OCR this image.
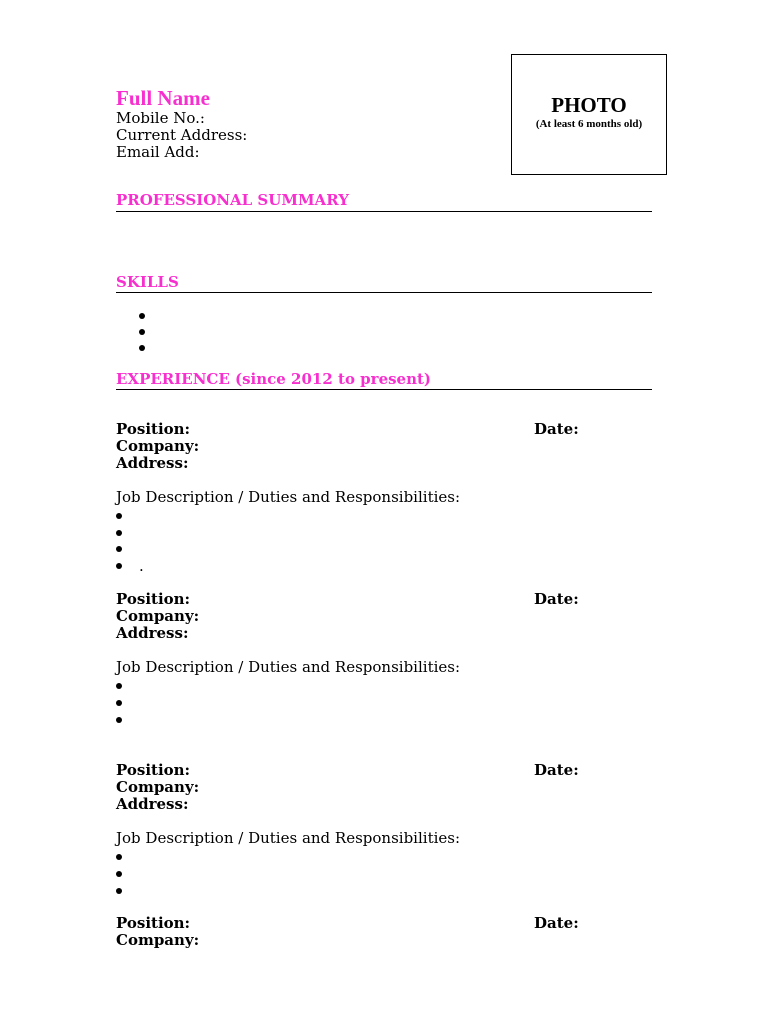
Full Name
Mobile No.:
Current Address:
Email Add:
PHOTO
(At least 6 months old)
PROFESSIONAL SUMMARY
SKILLS
EXPERIENCE (since 2012 to present)
Position:	Date:
Company:
Address:
Job Description / Duties and Responsibilities:
.
Position:	Date:
Company:
Address:
Job Description / Duties and Responsibilities:
Position:	Date:
Company:
Address:
Job Description / Duties and Responsibilities:
Position:	Date:
Company:
